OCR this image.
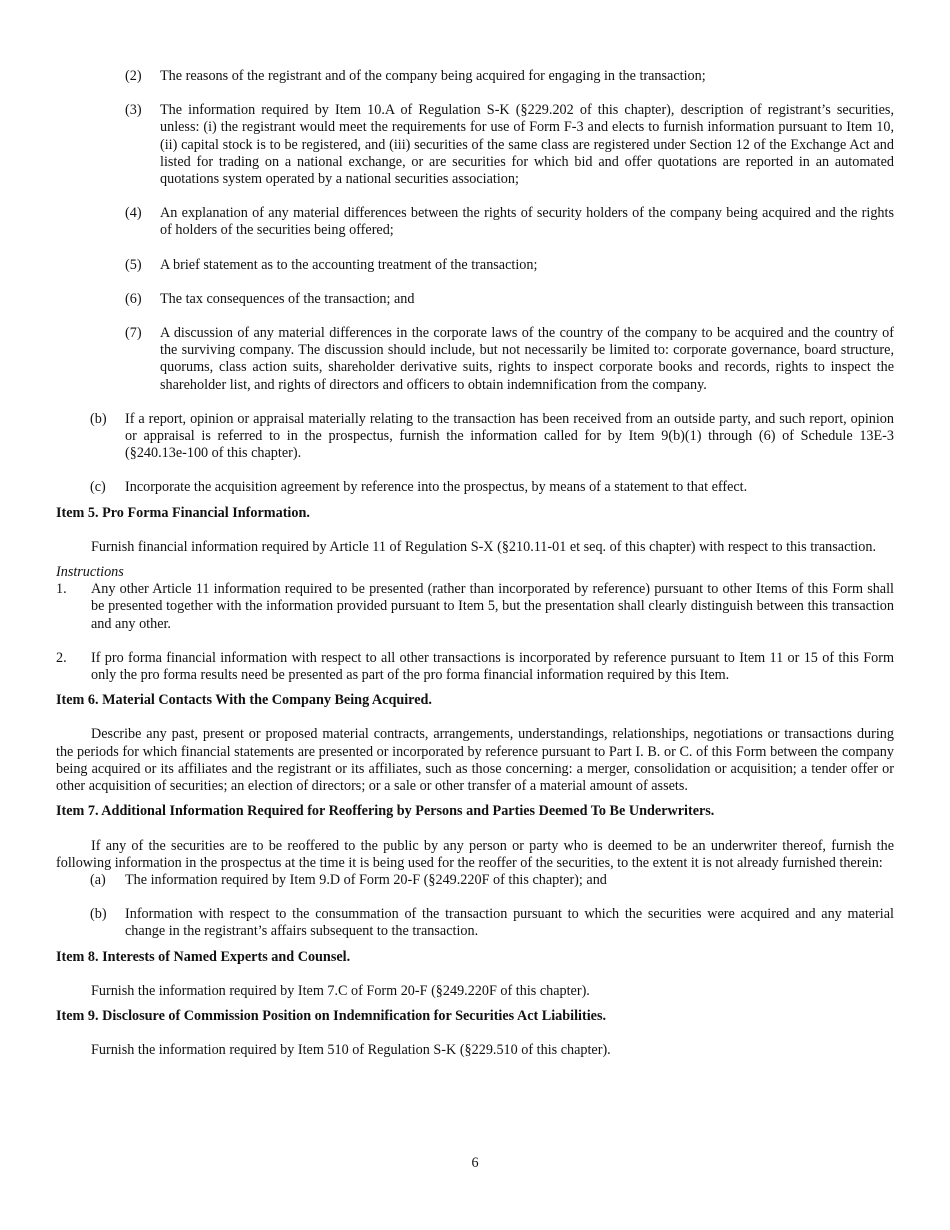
(2)	The reasons of the registrant and of the company being acquired for engaging in the transaction;
(3)	The information required by Item 10.A of Regulation S-K (§229.202 of this chapter), description of registrant’s securities, unless: (i) the registrant would meet the requirements for use of Form F-3 and elects to furnish information pursuant to Item 10, (ii) capital stock is to be registered, and (iii) securities of the same class are registered under Section 12 of the Exchange Act and listed for trading on a national exchange, or are securities for which bid and offer quotations are reported in an automated quotations system operated by a national securities association;
(4)	An explanation of any material differences between the rights of security holders of the company being acquired and the rights of holders of the securities being offered;
(5)	A brief statement as to the accounting treatment of the transaction;
(6)	The tax consequences of the transaction; and
(7)	A discussion of any material differences in the corporate laws of the country of the company to be acquired and the country of the surviving company. The discussion should include, but not necessarily be limited to: corporate governance, board structure, quorums, class action suits, shareholder derivative suits, rights to inspect corporate books and records, rights to inspect the shareholder list, and rights of directors and officers to obtain indemnification from the company.
(b)	If a report, opinion or appraisal materially relating to the transaction has been received from an outside party, and such report, opinion or appraisal is referred to in the prospectus, furnish the information called for by Item 9(b)(1) through (6) of Schedule 13E-3 (§240.13e-100 of this chapter).
(c)	Incorporate the acquisition agreement by reference into the prospectus, by means of a statement to that effect.
Item 5. Pro Forma Financial Information.
Furnish financial information required by Article 11 of Regulation S-X (§210.11-01 et seq. of this chapter) with respect to this transaction.
Instructions
1.	Any other Article 11 information required to be presented (rather than incorporated by reference) pursuant to other Items of this Form shall be presented together with the information provided pursuant to Item 5, but the presentation shall clearly distinguish between this transaction and any other.
2.	If pro forma financial information with respect to all other transactions is incorporated by reference pursuant to Item 11 or 15 of this Form only the pro forma results need be presented as part of the pro forma financial information required by this Item.
Item 6. Material Contacts With the Company Being Acquired.
Describe any past, present or proposed material contracts, arrangements, understandings, relationships, negotiations or transactions during the periods for which financial statements are presented or incorporated by reference pursuant to Part I. B. or C. of this Form between the company being acquired or its affiliates and the registrant or its affiliates, such as those concerning: a merger, consolidation or acquisition; a tender offer or other acquisition of securities; an election of directors; or a sale or other transfer of a material amount of assets.
Item 7. Additional Information Required for Reoffering by Persons and Parties Deemed To Be Underwriters.
If any of the securities are to be reoffered to the public by any person or party who is deemed to be an underwriter thereof, furnish the following information in the prospectus at the time it is being used for the reoffer of the securities, to the extent it is not already furnished therein:
(a)	The information required by Item 9.D of Form 20-F (§249.220F of this chapter); and
(b)	Information with respect to the consummation of the transaction pursuant to which the securities were acquired and any material change in the registrant’s affairs subsequent to the transaction.
Item 8. Interests of Named Experts and Counsel.
Furnish the information required by Item 7.C of Form 20-F (§249.220F of this chapter).
Item 9. Disclosure of Commission Position on Indemnification for Securities Act Liabilities.
Furnish the information required by Item 510 of Regulation S-K (§229.510 of this chapter).
6
